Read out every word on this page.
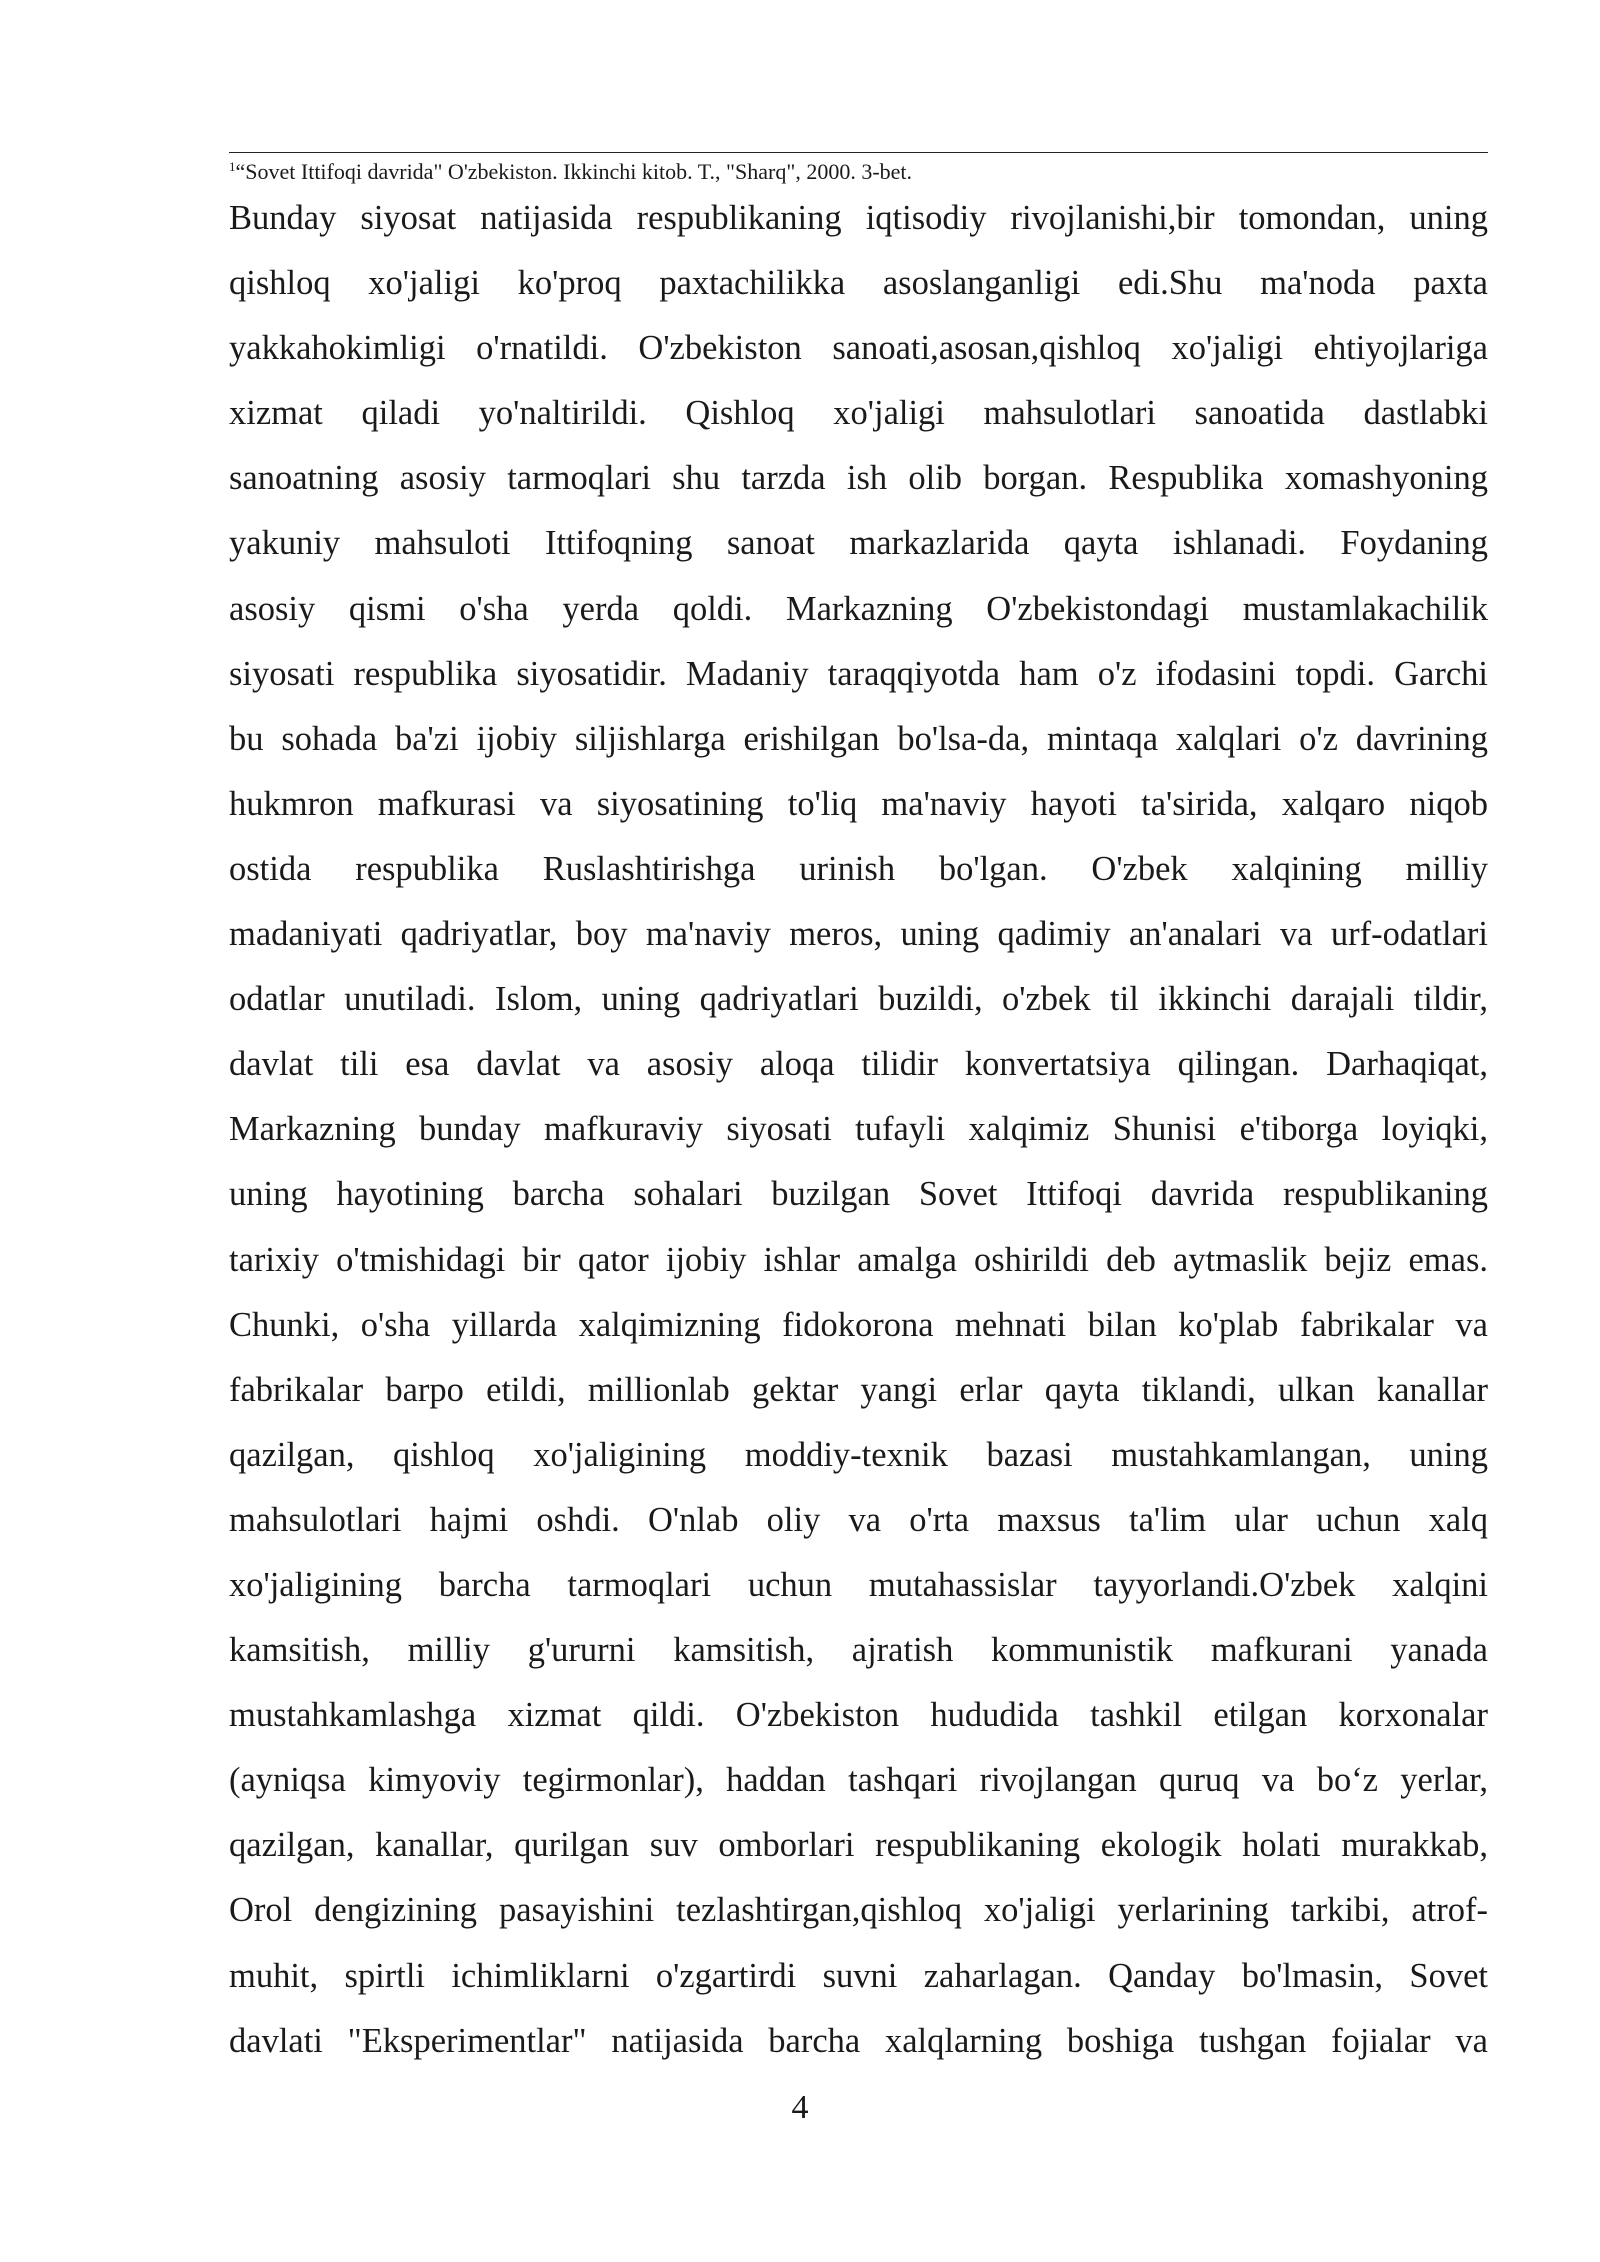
$^1$“Sovet Ittifoqi davrida" O'zbekiston. Ikkinchi kitob. T., "Sharq", 2000. 3-bet.
Bunday siyosat natijasida respublikaning iqtisodiy rivojlanishi,bir tomondan, uning
qishloq xo'jaligi ko'proq paxtachilikka asoslanganligi edi.Shu ma'noda paxta
yakkahokimligi o'rnatildi. O'zbekiston sanoati,asosan,qishloq xo'jaligi ehtiyojlariga
xizmat qiladi yo'naltirildi. Qishloq xo'jaligi mahsulotlari sanoatida dastlabki
sanoatning asosiy tarmoqlari shu tarzda ish olib borgan. Respublika xomashyoning
yakuniy mahsuloti Ittifoqning sanoat markazlarida qayta ishlanadi. Foydaning
asosiy qismi o'sha yerda qoldi. Markazning O'zbekistondagi mustamlakachilik
siyosati respublika siyosatidir. Madaniy taraqqiyotda ham o'z ifodasini topdi. Garchi
bu sohada ba'zi ijobiy siljishlarga erishilgan bo'lsa-da, mintaqa xalqlari o'z davrining
hukmron mafkurasi va siyosatining to'liq ma'naviy hayoti ta'sirida, xalqaro niqob
ostida respublika Ruslashtirishga urinish bo'lgan. O'zbek xalqining milliy
madaniyati qadriyatlar, boy ma'naviy meros, uning qadimiy an'analari va urf-odatlari
odatlar unutiladi. Islom, uning qadriyatlari buzildi, o'zbek til ikkinchi darajali tildir,
davlat tili esa davlat va asosiy aloqa tilidir konvertatsiya qilingan. Darhaqiqat,
Markazning bunday mafkuraviy siyosati tufayli xalqimiz Shunisi e'tiborga loyiqki,
uning hayotining barcha sohalari buzilgan Sovet Ittifoqi davrida respublikaning
tarixiy o'tmishidagi bir qator ijobiy ishlar amalga oshirildi deb aytmaslik bejiz emas.
Chunki, o'sha yillarda xalqimizning fidokorona mehnati bilan ko'plab fabrikalar va
fabrikalar barpo etildi, millionlab gektar yangi erlar qayta tiklandi, ulkan kanallar
qazilgan, qishloq xo'jaligining moddiy-texnik bazasi mustahkamlangan, uning
mahsulotlari hajmi oshdi. O'nlab oliy va o'rta maxsus ta'lim ular uchun xalq
xo'jaligining barcha tarmoqlari uchun mutahassislar tayyorlandi.O'zbek xalqini
kamsitish, milliy g'ururni kamsitish, ajratish kommunistik mafkurani yanada
mustahkamlashga xizmat qildi. O'zbekiston hududida tashkil etilgan korxonalar
(ayniqsa kimyoviy tegirmonlar), haddan tashqari rivojlangan quruq va bo‘z yerlar,
qazilgan, kanallar, qurilgan suv omborlari respublikaning ekologik holati murakkab,
Orol dengizining pasayishini tezlashtirgan,qishloq xo'jaligi yerlarining tarkibi, atrof-
muhit, spirtli ichimliklarni o'zgartirdi suvni zaharlagan. Qanday bo'lmasin, Sovet
davlati "Eksperimentlar" natijasida barcha xalqlarning boshiga tushgan fojialar va
4
